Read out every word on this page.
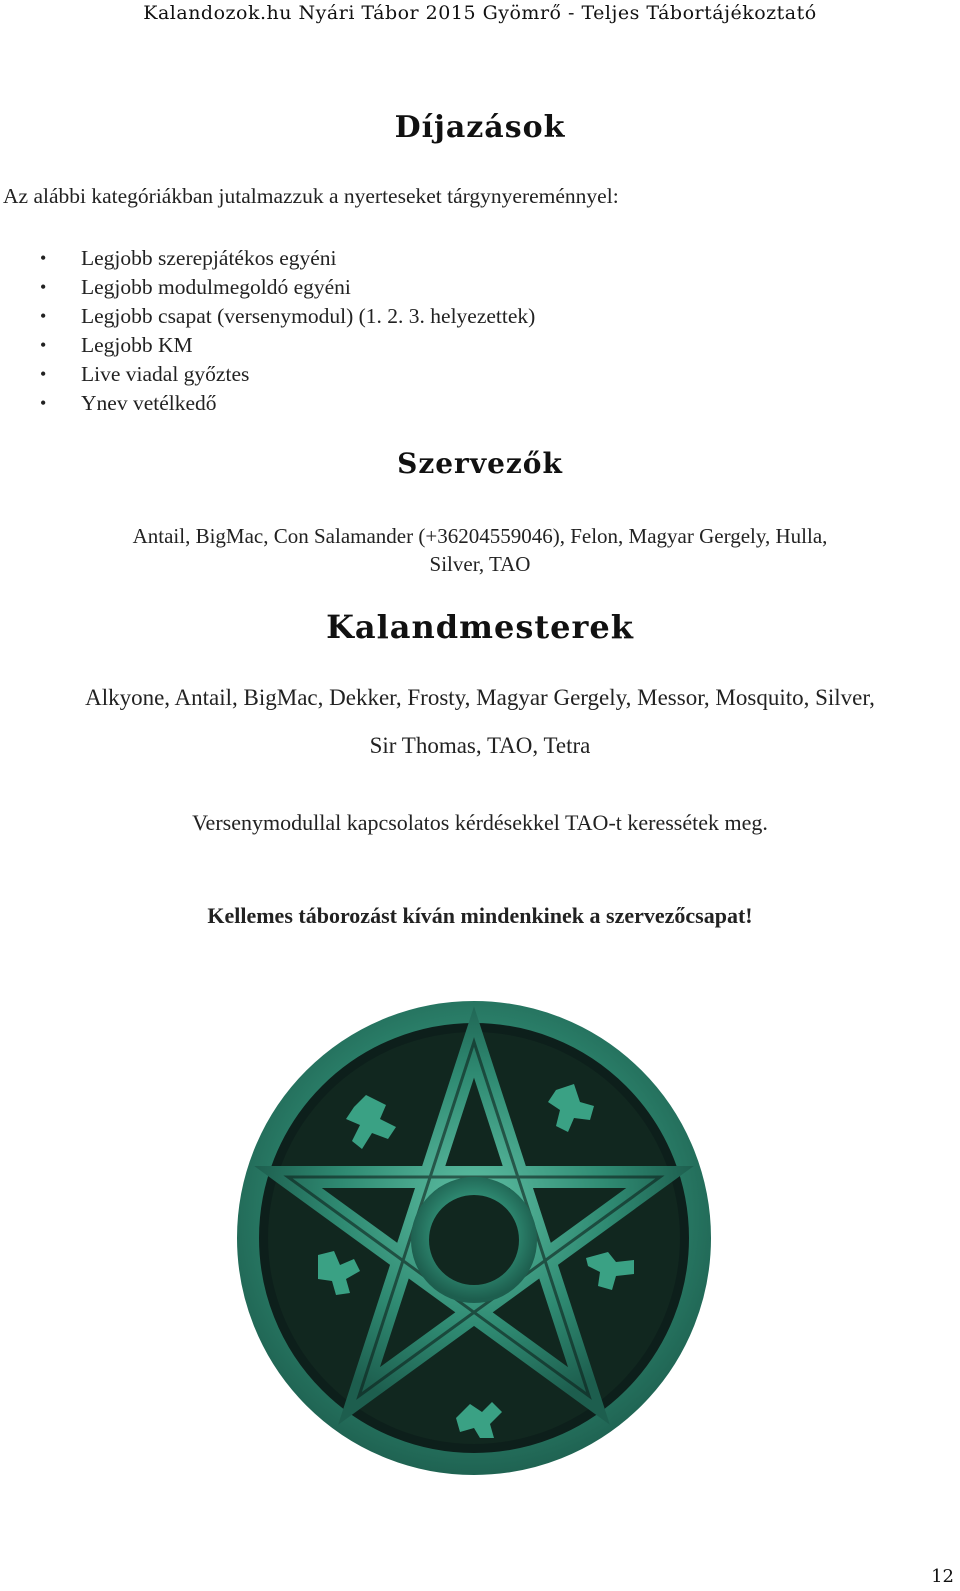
Kalandozok.hu Nyári Tábor 2015 Gyömrő - Teljes Tábortájékoztató
Díjazások
Az alábbi kategóriákban jutalmazzuk a nyerteseket tárgynyereménnyel:
• Legjobb szerepjátékos egyéni
• Legjobb modulmegoldó egyéni
• Legjobb csapat (versenymodul) (1. 2. 3. helyezettek)
• Legjobb KM
• Live viadal győztes
• Ynev vetélkedő
Szervezők
Antail, BigMac, Con Salamander (+36204559046), Felon, Magyar Gergely, Hulla,
Silver, TAO
Kalandmesterek
Alkyone, Antail, BigMac, Dekker, Frosty, Magyar Gergely, Messor, Mosquito, Silver,
Sir Thomas, TAO, Tetra
Versenymodullal kapcsolatos kérdésekkel TAO-t keressétek meg.
Kellemes táborozást kíván mindenkinek a szervezőcsapat!
12
